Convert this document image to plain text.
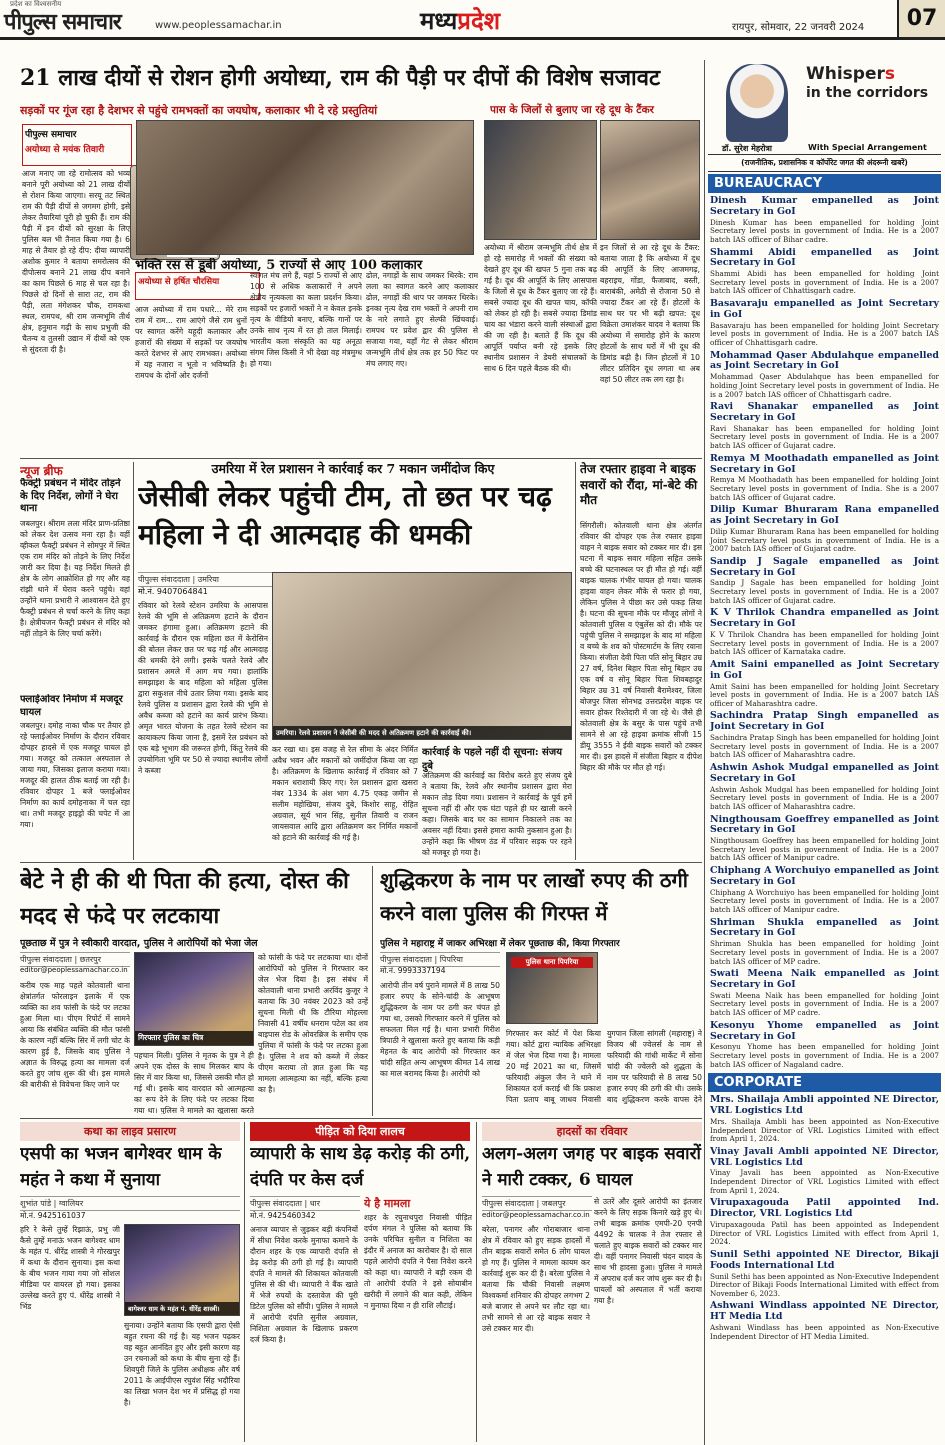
प्रदेश का विश्वसनीय
पीपुल्स समाचार	www.peoplessamachar.in	मध्यप्रदेश	रायपुर, सोमवार, 22 जनवरी 2024	07
21 लाख दीयों से रोशन होगी अयोध्या, राम की पैड़ी पर दीपों की विशेष सजावट
सड़कों पर गूंज रहा है देशभर से पहुंचे रामभक्तों का जयघोष, कलाकार भी दे रहे प्रस्तुतियां	पास के जिलों से बुलाए जा रहे दूध के टैंकर
पीपुल्स समाचार
अयोध्या से मयंक तिवारी
आज मनाए जा रहे रामोत्सव को भव्य बनाने पूरी अयोध्या को 21 लाख दीयों से रोशन किया जाएगा। सरयू तट स्थित राम की पैड़ी दीपों से जगमग होगी, इसे लेकर तैयारियां पूरी हो चुकी हैं। राम की पैड़ी में इन दीयों को सुरक्षा के लिए पुलिस बल भी तैनात किया गया है। 6 माह से तैयार हो रहे दीप: दीया व्यापारी अशोक कुमार ने बताया समरोत्सव की दीपोत्सव बनाने 21 लाख दीप बनाने का काम पिछले 6 माह से चल रहा है। पिछले दो दिनों से सारा तट, राम की पैड़ी, लता मंगेशकर चौक, रामकथा स्थल, रामपथ, श्री राम जन्मभूमि तीर्थ क्षेत्र, हनुमान गढ़ी के साथ प्रभुजी की चैतन्य व तुलसी उद्यान में दीयों को एक से सुंदरता दी है।
भक्ति रस से डूबी अयोध्या, 5 राज्यों से आए 100 कलाकार
अयोध्या से हर्षित चौरसिया
आज अयोध्या में राम पधारे... मेरे राम राम में राम... राम आएंगे जैसे राम धुनों पर स्वागत करेंगे यहूदी कलाकार और हजारों की संख्या में सड़कों पर जयघोष करते देशभर से आए रामभक्त। अयोध्या में यह नजारा न भूतो न भविष्यति है। रामपथ के दोनों ओर दर्जनों
स्वागत मंच लगे हैं, यहां 5 राज्यों से आए 100 से अधिक कलाकारों ने अपने क्षेत्रीय नृत्यकला का कला प्रदर्शन किया। सड़कों पर हजारों भक्तों ने न केवल इनके नृत्य के वीडियो बनाए, बल्कि गानों पर उनके साथ नृत्य में रत हो ताल मिलाई। भारतीय कला संस्कृति का यह अनूठा संगम जिस किसी ने भी देखा वह मंत्रमुग्ध हो गया।
ढोल, नगाड़ों के साथ जमकर थिरके: राम लला का स्वागत करने आए कलाकार ढोल, नगाड़ों की थाप पर जमकर थिरके। इनका नृत्य देख राम भक्तों ने अपनी राम के नारे लगाते हुए सेल्फी खिंचवाई। रामपथ पर प्रवेश द्वार की पुलिस से सजाया गया, यहाँ गेट से लेकर श्रीराम जन्मभूमि तीर्थ क्षेत्र तक हर 50 फिट पर मंच लगाए गए।
अयोध्या में श्रीराम जन्मभूमि तीर्थ क्षेत्र में हो रहे समारोह में भक्तों की संख्या को देखते हुए दूध की खपत 5 गुना तक बढ़ गई है। दूध की आपूर्ति के लिए आसपास के जिलों से दूध के टैंकर बुलाए जा रहे हैं। सबसे ज्यादा दूध की खपत चाय, कॉफी को लेकर हो रही है। सबसे ज्यादा डिमांड चाय का भंडारा करने वाली संस्थाओं द्वारा की जा रही है। बताते हैं कि दूध की आपूर्ति पर्याप्त बनी रहे इसके लिए स्थानीय प्रशासन ने डेयरी संचालकों के साथ 6 दिन पहले बैठक की थी।
इन जिलों से आ रहे दूध के टैंकर: बताया जाता है कि अयोध्या में दूध की आपूर्ति के लिए आजमगढ़, बहराइच, गोंडा, फैजाबाद, बस्ती, बाराबंकी, अमेठी से रोजाना 50 से ज्यादा टैंकर आ रहे हैं। होटलों के साथ घर पर भी बढ़ी खपत: दूध विक्रेता उमाशंकर यादव ने बताया कि अयोध्या में समारोह होने के कारण होटलों के साथ घरों में भी दूध की डिमांड बढ़ी है। जिन होटलों में 10 लीटर प्रतिदिन दूध लगता था अब वहां 50 लीटर तक लग रहा है।
न्यूज ब्रीफ
फैक्ट्री प्रबंधन ने मंदिर तोड़ने के दिए निर्देश, लोगों ने घेरा थाना
जबलपुर। श्रीराम लला मंदिर प्राण-प्रतिष्ठा को लेकर देश उत्सव मना रहा है। वहीं व्हीकल फैक्ट्री प्रबंधन ने सोमपुर में स्थित एक राम मंदिर को तोड़ने के लिए निर्देश जारी कर दिया है। यह निर्देश मिलते ही क्षेत्र के लोग आक्रोशित हो गए और वह रांझी थाने में घेराव करने पहुंचे। वहां उन्होंने थाना प्रभारी ने आश्वासन देते हुए फैक्ट्री प्रबंधन से चर्चा करने के लिए कहा है। क्षेत्रीयजन फैक्ट्री प्रबंधन से मंदिर को नहीं तोड़ने के लिए चर्चा करेंगे।
फ्लाईओवर निर्माण में मजदूर घायल
जबलपुर। दमोह नाका चौक पर तैयार हो रहे फ्लाईओवर निर्माण के दौरान रविवार दोपहर हादसे में एक मजदूर घायल हो गया। मजदूर को तत्काल अस्पताल ले जाया गया, जिसका इलाज कराया गया। मजदूर की हालत ठीक बताई जा रही है। रविवार दोपहर 1 बजे फ्लाईओवर निर्माण का कार्य दमोहनाका में चल रहा था। तभी मजदूर हाइड्रो की चपेट में आ गया।
उमरिया में रेल प्रशासन ने कार्रवाई कर 7 मकान जमींदोज किए
जेसीबी लेकर पहुंची टीम, तो छत पर चढ़ महिला ने दी आत्मदाह की धमकी
पीपुल्स संवाददाता | उमरिया
मो.नं. 9407064841
रविवार को रेलवे स्टेशन उमरिया के आसपास रेलवे की भूमि से अतिक्रमण हटाने के दौरान जमकर हंगामा हुआ। अतिक्रमण हटाने की कार्रवाई के दौरान एक महिला छत में केरोसिन की बोतल लेकर छत पर चढ़ गई और आत्मदाह की धमकी देने लगी। इसके चलते रेलवे और प्रशासन अमले में आग मच गया। हालांकि समझाइश के बाद महिला को महिला पुलिस द्वारा सकुशल नीचे उतार लिया गया। इसके बाद रेलवे पुलिस व प्रशासन द्वारा रेलवे की भूमि से अवैध कब्जा को हटाने का कार्य प्रारंभ किया। अमृत भारत योजना के तहत रेलवे स्टेशन का कायाकल्प किया जाना है, इसमें रेल प्रबंधन को एक बड़े भूभाग की जरूरत होगी, किंतु रेलवे की उपयोगिता भूमि पर 50 से ज्यादा स्थानीय लोगों ने कब्जा
उमरिया। रेलवे प्रशासन ने जेसीबी की मदद से अतिक्रमण हटाने की कार्रवाई की।
कर रखा था। इस वजह से रेल सीमा के अंदर निर्मित अवैध भवन और मकानों को जमींदोज किया जा रहा है। अतिक्रमण के खिलाफ कार्रवाई में रविवार को 7 मकान धराशायी किए गए। रेल प्रशासन द्वारा खसरा नंबर 1334 के अंश भाग 4.75 एकड़ जमीन से सलीम महोखिया, संजय दुबे, किशोर साहू, रोहित अग्रवाल, सूर्य भान सिंह, सुनील तिवारी व राजन जायसवाल आदि द्वारा अतिक्रमण कर निर्मित मकानों को हटाने की कार्रवाई की गई है।
कार्रवाई के पहले नहीं दी सूचना: संजय दुबे
अतिक्रमण की कार्रवाई का विरोध करते हुए संजय दुबे ने बताया कि, रेलवे और स्थानीय प्रशासन द्वारा मेरा मकान तोड़ दिया गया। प्रशासन ने कार्रवाई के पूर्व हमें सूचना नहीं दी और एक घंटा पहले ही घर खाली करने कहा। जिसके बाद घर का सामान निकालने तक का अवसर नहीं दिया। इससे हमारा काफी नुकसान हुआ है। उन्होंने कहा कि भीषण ठंड में परिवार सड़क पर रहने को मजबूर हो गया है।
तेज रफ्तार हाइवा ने बाइक सवारों को रौंदा, मां-बेटे की मौत
सिंगरौली। कोतवाली थाना क्षेत्र अंतर्गत रविवार की दोपहर एक तेज रफ्तार हाइवा वाहन ने बाइक सवार को टक्कर मार दी। इस घटना में बाइक सवार महिला सहित उसके बच्चे की घटनास्थल पर ही मौत हो गई। वहीं बाइक चालक गंभीर घायल हो गया। चालक हाइवा वाहन लेकर मौके से फरार हो गया, लेकिन पुलिस ने पीछा कर उसे पकड़ लिया है। घटना की सूचना मौके पर मौजूद लोगों ने कोतवाली पुलिस व एंबुलेंस को दी। मौके पर पहुंची पुलिस ने समझाइश के बाद मां महिला व बच्चे के शव को पोस्टमार्टम के लिए रवाना किया। संजीता देवी पिता पति सोनू बिहार उम्र 27 वर्ष, दिनेश बिहार पिता सोनू बिहार उम्र एक वर्ष व सोनू बिहार पिता शिवबहादुर बिहार उम्र 31 वर्ष निवासी बैरामेश्वर, जिला बोजपुर जिला सोनभद्र उत्तरप्रदेश बाइक पर सवार होकर रिश्तेदारी में जा रहे थे। जैसे ही कोतवाली क्षेत्र के बसुर के पास पहुंचे तभी सामने से आ रहे हाइवा क्रमांक सीजी 15 डीयू 3555 ने ईवी बाइक सवारों को टक्कर मार दी। इस हादसे में संजीता बिहार व दीपेश बिहार की मौके पर मौत हो गई।
बेटे ने ही की थी पिता की हत्या, दोस्त की मदद से फंदे पर लटकाया
पूछताछ में पुत्र ने स्वीकारी वारदात, पुलिस ने आरोपियों को भेजा जेल
पीपुल्स संवाददाता | छतरपुर
editor@peoplessamachar.co.in
करीब एक माह पहले कोतवाली थाना क्षेत्रांतर्गत फोरलाइन इलाके में एक व्यक्ति का शव फांसी के फंदे पर लटका हुआ मिला था। पीएम रिपोर्ट में सामने आया कि संबंधित व्यक्ति की मौत फांसी के कारण नहीं बल्कि सिर में लगी चोट के कारण हुई है, जिसके बाद पुलिस ने अज्ञात के विरुद्ध हत्या का मामला दर्ज करते हुए जांच शुरू की थी। इस मामले की बारीकी से विवेचना किए जाने पर
गिरफ्तार पुलिस का चित्र
पहचान मिली। पुलिस ने मृतक के पुत्र ने ही अपने एक दोस्त के साथ मिलकर बाप के सिर में वार किया था, जिससे उसकी मौत हो गई थी। इसके बाद वारदात को आत्महत्या का रूप देने के लिए फंदे पर लटका दिया गया था। पुलिस ने मामले का खुलासा करते
को फांसी के फंदे पर लटकाया था। दोनों आरोपियों को पुलिस ने गिरफ्तार कर जेल भेज दिया है। इस संबंध में कोतवाली थाना प्रभारी अरविंद कुजूर ने बताया कि 30 नवंबर 2023 को उन्हें सूचना मिली थी कि टौरिया मोहल्ला निवासी 41 वर्षीय धनराम पटेल का शव बाइपास रोड के ओवरब्रिज के समीप एक पुलिया में फांसी के फंदे पर लटका हुआ है। पुलिस ने शव को कब्जे में लेकर पीएम कराया तो ज्ञात हुआ कि यह मामला आत्महत्या का नहीं, बल्कि हत्या का है।
शुद्धिकरण के नाम पर लाखों रुपए की ठगी करने वाला पुलिस की गिरफ्त में
पुलिस ने महाराष्ट्र में जाकर अभिरक्षा में लेकर पूछताछ की, किया गिरफ्तार
पीपुल्स संवाददाता | पिपरिया
मो.नं. 9993337194
आरोपी तीन वर्ष पुराने मामले में 8 लाख 50 हजार रुपए के सोने-चांदी के आभूषण शुद्धिकरण के नाम पर ठगी कर चंपत हो गया था, उसको गिरफ्तार करने में पुलिस को सफलता मिल गई है। थाना प्रभारी गिरीश त्रिपाठी ने खुलासा करते हुए बताया कि कड़ी मेहनत के बाद आरोपी को गिरफ्तार कर चांदी सहित अन्य आभूषण कीमत 14 लाख का माल बरामद किया है। आरोपी को
पुलिस थाना पिपरिया
गिरफ्तार कर कोर्ट में पेश किया गया। कोर्ट द्वारा न्यायिक अभिरक्षा में जेल भेज दिया गया है। मामला 20 मई 2021 का था, जिसमें फरियादी अंकुल जैन ने थाने में शिकायत दर्ज कराई थी कि प्रकाश पिता प्रताप बाबू जाधव निवासी युगपान जिला सांगली (महाराष्ट्र) ने विजय श्री ज्वेलर्स के नाम से फरियादी की गांधी मार्केट में सोना चांदी की ज्वेलरी को शुद्धता के नाम पर फरियादी से 8 लाख 50 हजार रुपए की ठगी की थी। उसके बाद शुद्धिकरण करके वापस देने
कथा का लाइव प्रसारण
एसपी का भजन बागेश्वर धाम के महंत ने कथा में सुनाया
शुभांत पांडे | ग्वालियर
मो.नं. 9425161037
हरि रे केसे तुम्हें रिझाऊं, प्रभु जी कैसे तुम्हें मनाऊं भजन बागेश्वर धाम के महंत पं. धीरेंद्र शास्त्री ने गोरखपुर में कथा के दौरान सुनाया। इस कथा के बीच भजन गाया गया जो सोशल मीडिया पर वायरल हो गया। इसका उल्लेख करते हुए पं. धीरेंद्र शास्त्री ने भिंड	बागेश्वर धाम के महंत पं. धीरेंद्र शास्त्री।
सुनाया। उन्होंने बताया कि एसपी द्वारा ऐसी बहुत रचना की गई है। यह भजन पढ़कर वह बहुत आनंदित हुए और इसी कारण वह उन रचनाओं को कथा के बीच सुना रहे हैं। शिवपुरी जिले के पुलिस अधीक्षक और वर्ष 2011 के आईपीएस रघुवंश सिंह भदौरिया का लिखा भजन देश भर में प्रसिद्ध हो गया है।
पीड़ित को दिया लालच
व्यापारी के साथ डेढ़ करोड़ की ठगी, दंपति पर केस दर्ज
पीपुल्स संवाददाता | धार
मो.नं. 9425460342
अनाज व्यापार से जुड़कर बड़ी कंपनियों में सीधा निवेश करके मुनाफा कमाने के दौरान शहर के एक व्यापारी दंपति से डेढ़ करोड़ की ठगी हो गई है। व्यापारी दंपति ने मामले की शिकायत कोतवाली पुलिस से की थी। व्यापारी ने बैंक खाते में भेजे रुपयों के दस्तावेज की पूरी डिटेल पुलिस को सौंपी। पुलिस ने मामले में आरोपी दंपति सुनील अग्रवाल, निशिता अग्रवाल के खिलाफ प्रकरण दर्ज किया है।
ये है मामला
शहर के रघुनाथपुरा निवासी पीड़ित दर्पण मंगल ने पुलिस को बताया कि उनके परिचित सुनील व निशिता का इंदौर में अनाज का कारोबार है। दो साल पहले आरोपी दंपति ने पैसा निवेश करने को कहा था। व्यापारी ने बड़ी रकम दी तो आरोपी दंपति ने इसे सोयाबीन खरीदी में लगाने की बात कही, लेकिन न मुनाफा दिया न ही राशि लौटाई।
हादसों का रविवार
अलग-अलग जगह पर बाइक सवारों ने मारी टक्कर, 6 घायल
पीपुल्स संवाददाता | जबलपुर
editor@peoplessamachar.co.in
बरेला, पनागर और गोराबाजार थाना क्षेत्र में रविवार को हुए सड़क हादसों में तीन बाइक सवारों समेत 6 लोग घायल हो गए हैं। पुलिस ने मामला कायम कर कार्रवाई शुरू कर दी है। बरेला पुलिस ने बताया कि चौकी निवासी लक्ष्मण विश्वकर्मा शनिवार की दोपहर लगभग 2 बजे बाजार से अपने घर लौट रहा था। तभी सामने से आ रहे बाइक सवार ने उसे टक्कर मार दी।
से उतरें और दूसरे आरोपी का इंतजार करने के लिए सड़क किनारे खड़े हुए थे। तभी बाइक क्रमांक एमपी-20 एनपी 4492 के चालक ने तेज रफ्तार से चलाते हुए बाइक सवारों को टक्कर मार दी। वहीं पनागर निवासी चंदन यादव के साथ भी हादसा हुआ। पुलिस ने मामले में अपराध दर्ज कर जांच शुरू कर दी है। घायलों को अस्पताल में भर्ती कराया गया है।
Whispers
in the corridors
डॉ. सुरेश मेहरोत्रा	With Special Arrangement
(राजनीतिक, प्रशासनिक व कॉर्पोरेट जगत की अंदरूनी खबरें)
BUREAUCRACY
Dinesh Kumar empanelled as Joint Secretary in GoI
Dinesh Kumar has been empanelled for holding Joint Secretary level posts in government of India. He is a 2007 batch IAS officer of Bihar cadre.
Shammi Abidi empanelled as Joint Secretary in GoI
Shammi Abidi has been empanelled for holding Joint Secretary level posts in government of India. He is a 2007 batch IAS officer of Chhattisgarh cadre.
Basavaraju empanelled as Joint Secretary in GoI
Basavaraju has been empanelled for holding Joint Secretary level posts in government of India. He is a 2007 batch IAS officer of Chhattisgarh cadre.
Mohammad Qaser Abdulahque empanelled as Joint Secretary in GoI
Mohammad Qaser Abdulahque has been empanelled for holding Joint Secretary level posts in government of India. He is a 2007 batch IAS officer of Chhattisgarh cadre.
Ravi Shanakar empanelled as Joint Secretary in GoI
Ravi Shanakar has been empanelled for holding Joint Secretary level posts in government of India. He is a 2007 batch IAS officer of Gujarat cadre.
Remya M Moothadath empanelled as Joint Secretary in GoI
Remya M Moothadath has been empanelled for holding Joint Secretary level posts in government of India. She is a 2007 batch IAS officer of Gujarat cadre.
Dilip Kumar Bhuraram Rana empanelled as Joint Secretary in GoI
Dilip Kumar Bhuraram Rana has been empanelled for holding Joint Secretary level posts in government of India. He is a 2007 batch IAS officer of Gujarat cadre.
Sandip J Sagale empanelled as Joint Secretary in GoI
Sandip J Sagale has been empanelled for holding Joint Secretary level posts in government of India. He is a 2007 batch IAS officer of Gujarat cadre.
K V Thrilok Chandra empanelled as Joint Secretary in GoI
K V Thrilok Chandra has been empanelled for holding Joint Secretary level posts in government of India. He is a 2007 batch IAS officer of Karnataka cadre.
Amit Saini empanelled as Joint Secretary in GoI
Amit Saini has been empanelled for holding Joint Secretary level posts in government of India. He is a 2007 batch IAS officer of Maharashtra cadre.
Sachindra Pratap Singh empanelled as Joint Secretary in GoI
Sachindra Pratap Singh has been empanelled for holding Joint Secretary level posts in government of India. He is a 2007 batch IAS officer of Maharashtra cadre.
Ashwin Ashok Mudgal empanelled as Joint Secretary in GoI
Ashwin Ashok Mudgal has been empanelled for holding Joint Secretary level posts in government of India. He is a 2007 batch IAS officer of Maharashtra cadre.
Ningthousam Goeffrey empanelled as Joint Secretary in GoI
Ningthousam Goeffrey has been empanelled for holding Joint Secretary level posts in government of India. He is a 2007 batch IAS officer of Manipur cadre.
Chiphang A Worchuiyo empanelled as Joint Secretary in GoI
Chiphang A Worchuiyo has been empanelled for holding Joint Secretary level posts in government of India. He is a 2007 batch IAS officer of Manipur cadre.
Shriman Shukla empanelled as Joint Secretary in GoI
Shriman Shukla has been empanelled for holding Joint Secretary level posts in government of India. He is a 2007 batch IAS officer of MP cadre.
Swati Meena Naik empanelled as Joint Secretary in GoI
Swati Meena Naik has been empanelled for holding Joint Secretary level posts in government of India. He is a 2007 batch IAS officer of MP cadre.
Kesonyu Yhome empanelled as Joint Secretary in GoI
Kesonyu Yhome has been empanelled for holding Joint Secretary level posts in government of India. He is a 2007 batch IAS officer of Nagaland cadre.
CORPORATE
Mrs. Shailaja Ambli appointed NE Director, VRL Logistics Ltd
Mrs. Shailaja Ambli has been appointed as Non-Executive Independent Director of VRL Logistics Limited with effect from April 1, 2024.
Vinay Javali Ambli appointed NE Director, VRL Logistics Ltd
Vinay Javali has been appointed as Non-Executive Independent Director of VRL Logistics Limited with effect from April 1, 2024.
Virupaxagouda Patil appointed Ind. Director, VRL Logistics Ltd
Virupaxagouda Patil has been appointed as Independent Director of VRL Logistics Limited with effect from April 1, 2024.
Sunil Sethi appointed NE Director, Bikaji Foods International Ltd
Sunil Sethi has been appointed as Non-Executive Independent Director of Bikaji Foods International Limited with effect from November 6, 2023.
Ashwani Windlass appointed NE Director, HT Media Ltd
Ashwani Windlass has been appointed as Non-Executive Independent Director of HT Media Limited.
